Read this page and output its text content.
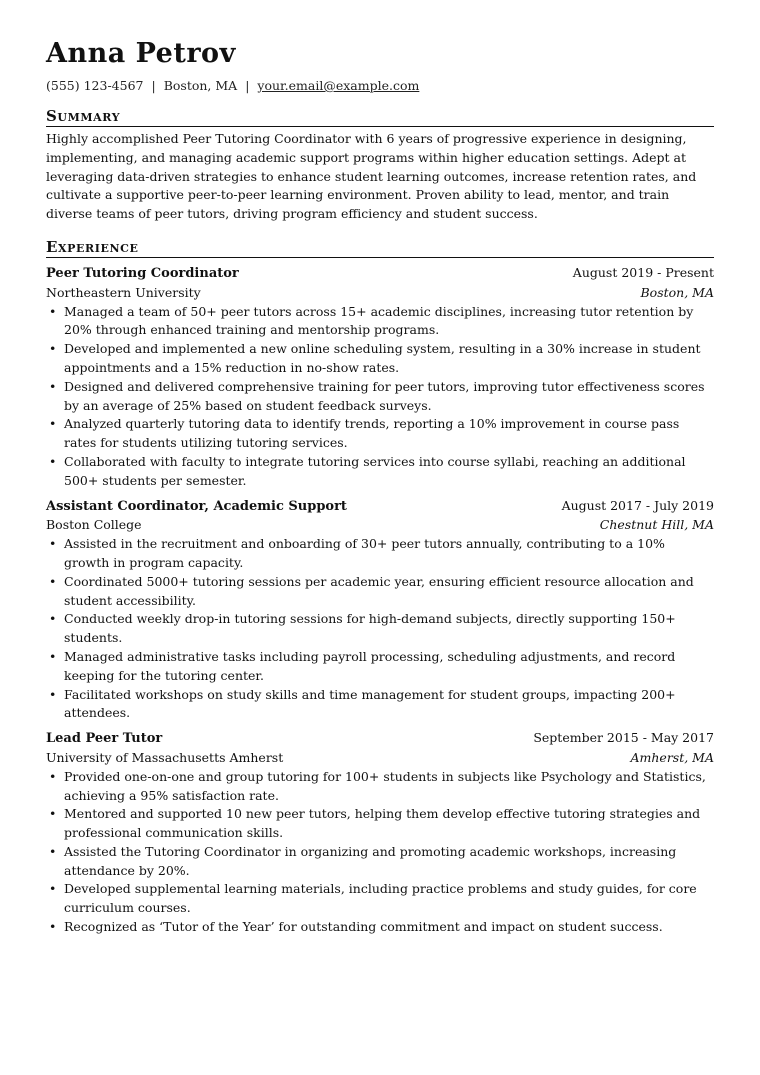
Anna Petrov
(555) 123-4567 | Boston, MA | your.email@example.com
Summary

Highly accomplished Peer Tutoring Coordinator with 6 years of progressive experience in designing, implementing, and managing academic support programs within higher education settings. Adept at leveraging data-driven strategies to enhance student learning outcomes, increase retention rates, and cultivate a supportive peer-to-peer learning environment. Proven ability to lead, mentor, and train diverse teams of peer tutors, driving program efficiency and student success.

Experience
Peer Tutoring Coordinator	August 2019 - Present
Northeastern University	Boston, MA
• Managed a team of 50+ peer tutors across 15+ academic disciplines, increasing tutor retention by 20% through enhanced training and mentorship programs.
• Developed and implemented a new online scheduling system, resulting in a 30% increase in student appointments and a 15% reduction in no-show rates.
• Designed and delivered comprehensive training for peer tutors, improving tutor effectiveness scores by an average of 25% based on student feedback surveys.
• Analyzed quarterly tutoring data to identify trends, reporting a 10% improvement in course pass rates for students utilizing tutoring services.
• Collaborated with faculty to integrate tutoring services into course syllabi, reaching an additional 500+ students per semester.
Assistant Coordinator, Academic Support	August 2017 - July 2019
Boston College	Chestnut Hill, MA
• Assisted in the recruitment and onboarding of 30+ peer tutors annually, contributing to a 10% growth in program capacity.
• Coordinated 5000+ tutoring sessions per academic year, ensuring efficient resource allocation and student accessibility.
• Conducted weekly drop-in tutoring sessions for high-demand subjects, directly supporting 150+ students.
• Managed administrative tasks including payroll processing, scheduling adjustments, and record keeping for the tutoring center.
• Facilitated workshops on study skills and time management for student groups, impacting 200+ attendees.
Lead Peer Tutor	September 2015 - May 2017
University of Massachusetts Amherst	Amherst, MA
• Provided one-on-one and group tutoring for 100+ students in subjects like Psychology and Statistics, achieving a 95% satisfaction rate.
• Mentored and supported 10 new peer tutors, helping them develop effective tutoring strategies and professional communication skills.
• Assisted the Tutoring Coordinator in organizing and promoting academic workshops, increasing attendance by 20%.
• Developed supplemental learning materials, including practice problems and study guides, for core curriculum courses.
• Recognized as ‘Tutor of the Year’ for outstanding commitment and impact on student success.
